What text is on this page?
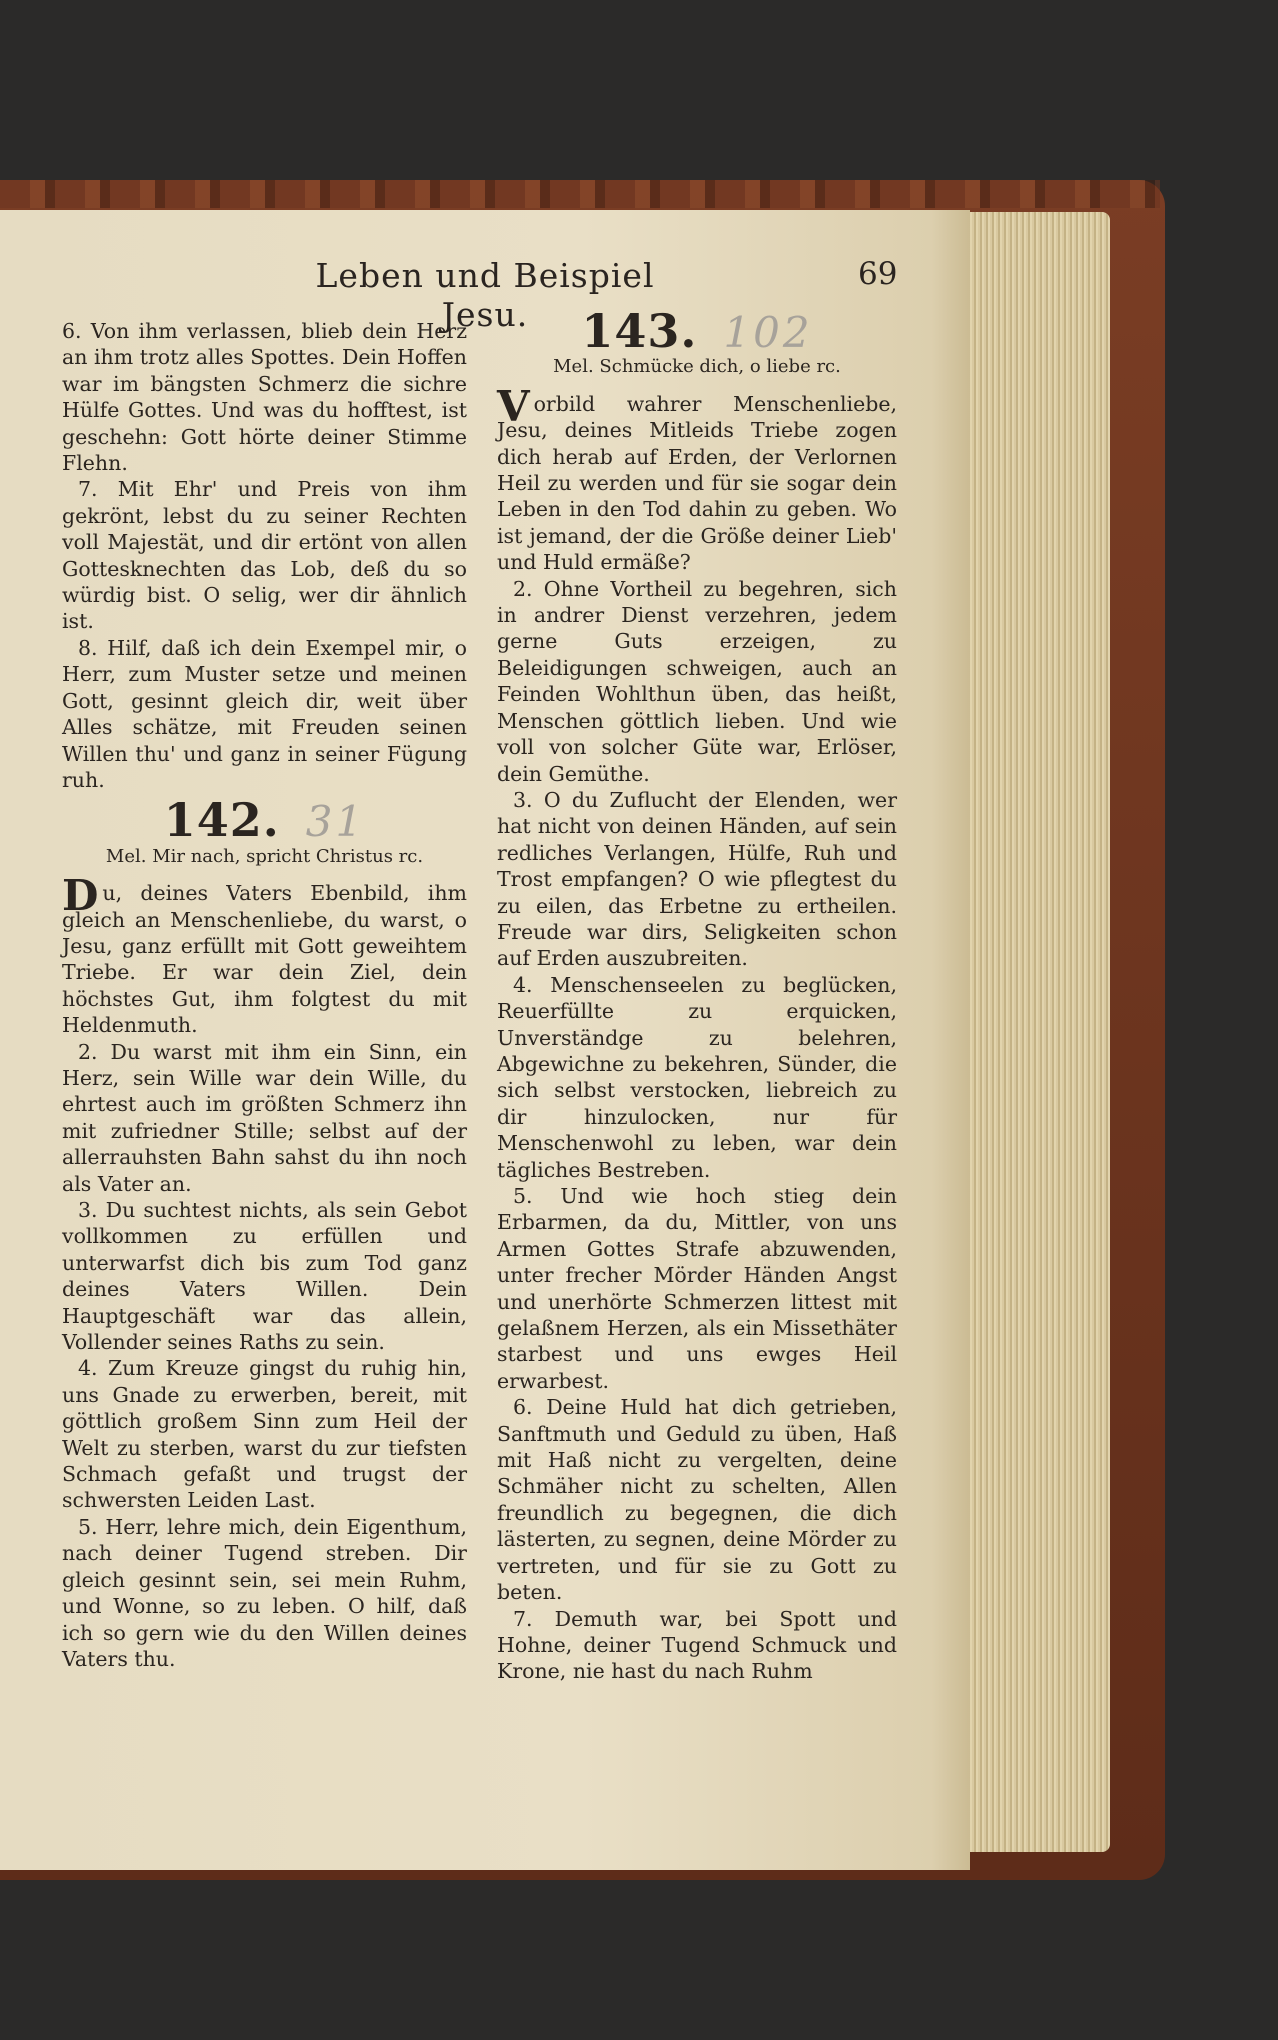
Leben und Beispiel Jesu.
69

6. Von ihm verlassen, blieb dein Herz an ihm trotz alles Spottes. Dein Hoffen war im bängsten Schmerz die sichre Hülfe Gottes. Und was du hofftest, ist geschehn: Gott hörte deiner Stimme Flehn.

7. Mit Ehr' und Preis von ihm gekrönt, lebst du zu seiner Rechten voll Majestät, und dir ertönt von allen Gottesknechten das Lob, deß du so würdig bist. O selig, wer dir ähnlich ist.

8. Hilf, daß ich dein Exempel mir, o Herr, zum Muster setze und meinen Gott, gesinnt gleich dir, weit über Alles schätze, mit Freuden seinen Willen thu' und ganz in seiner Fügung ruh.

142. 31
Mel. Mir nach, spricht Christus rc.

Du, deines Vaters Ebenbild, ihm gleich an Menschenliebe, du warst, o Jesu, ganz erfüllt mit Gott geweihtem Triebe. Er war dein Ziel, dein höchstes Gut, ihm folgtest du mit Heldenmuth.

2. Du warst mit ihm ein Sinn, ein Herz, sein Wille war dein Wille, du ehrtest auch im größten Schmerz ihn mit zufriedner Stille; selbst auf der allerrauhsten Bahn sahst du ihn noch als Vater an.

3. Du suchtest nichts, als sein Gebot vollkommen zu erfüllen und unterwarfst dich bis zum Tod ganz deines Vaters Willen. Dein Hauptgeschäft war das allein, Vollender seines Raths zu sein.

4. Zum Kreuze gingst du ruhig hin, uns Gnade zu erwerben, bereit, mit göttlich großem Sinn zum Heil der Welt zu sterben, warst du zur tiefsten Schmach gefaßt und trugst der schwersten Leiden Last.

5. Herr, lehre mich, dein Eigenthum, nach deiner Tugend streben. Dir gleich gesinnt sein, sei mein Ruhm, und Wonne, so zu leben. O hilf, daß ich so gern wie du den Willen deines Vaters thu.

143. 102
Mel. Schmücke dich, o liebe rc.

Vorbild wahrer Menschenliebe, Jesu, deines Mitleids Triebe zogen dich herab auf Erden, der Verlornen Heil zu werden und für sie sogar dein Leben in den Tod dahin zu geben. Wo ist jemand, der die Größe deiner Lieb' und Huld ermäße?

2. Ohne Vortheil zu begehren, sich in andrer Dienst verzehren, jedem gerne Guts erzeigen, zu Beleidigungen schweigen, auch an Feinden Wohlthun üben, das heißt, Menschen göttlich lieben. Und wie voll von solcher Güte war, Erlöser, dein Gemüthe.

3. O du Zuflucht der Elenden, wer hat nicht von deinen Händen, auf sein redliches Verlangen, Hülfe, Ruh und Trost empfangen? O wie pflegtest du zu eilen, das Erbetne zu ertheilen. Freude war dirs, Seligkeiten schon auf Erden auszubreiten.

4. Menschenseelen zu beglücken, Reuerfüllte zu erquicken, Unverständge zu belehren, Abgewichne zu bekehren, Sünder, die sich selbst verstocken, liebreich zu dir hinzulocken, nur für Menschenwohl zu leben, war dein tägliches Bestreben.

5. Und wie hoch stieg dein Erbarmen, da du, Mittler, von uns Armen Gottes Strafe abzuwenden, unter frecher Mörder Händen Angst und unerhörte Schmerzen littest mit gelaßnem Herzen, als ein Missethäter starbest und uns ewges Heil erwarbest.

6. Deine Huld hat dich getrieben, Sanftmuth und Geduld zu üben, Haß mit Haß nicht zu vergelten, deine Schmäher nicht zu schelten, Allen freundlich zu begegnen, die dich lästerten, zu segnen, deine Mörder zu vertreten, und für sie zu Gott zu beten.

7. Demuth war, bei Spott und Hohne, deiner Tugend Schmuck und Krone, nie hast du nach Ruhm
